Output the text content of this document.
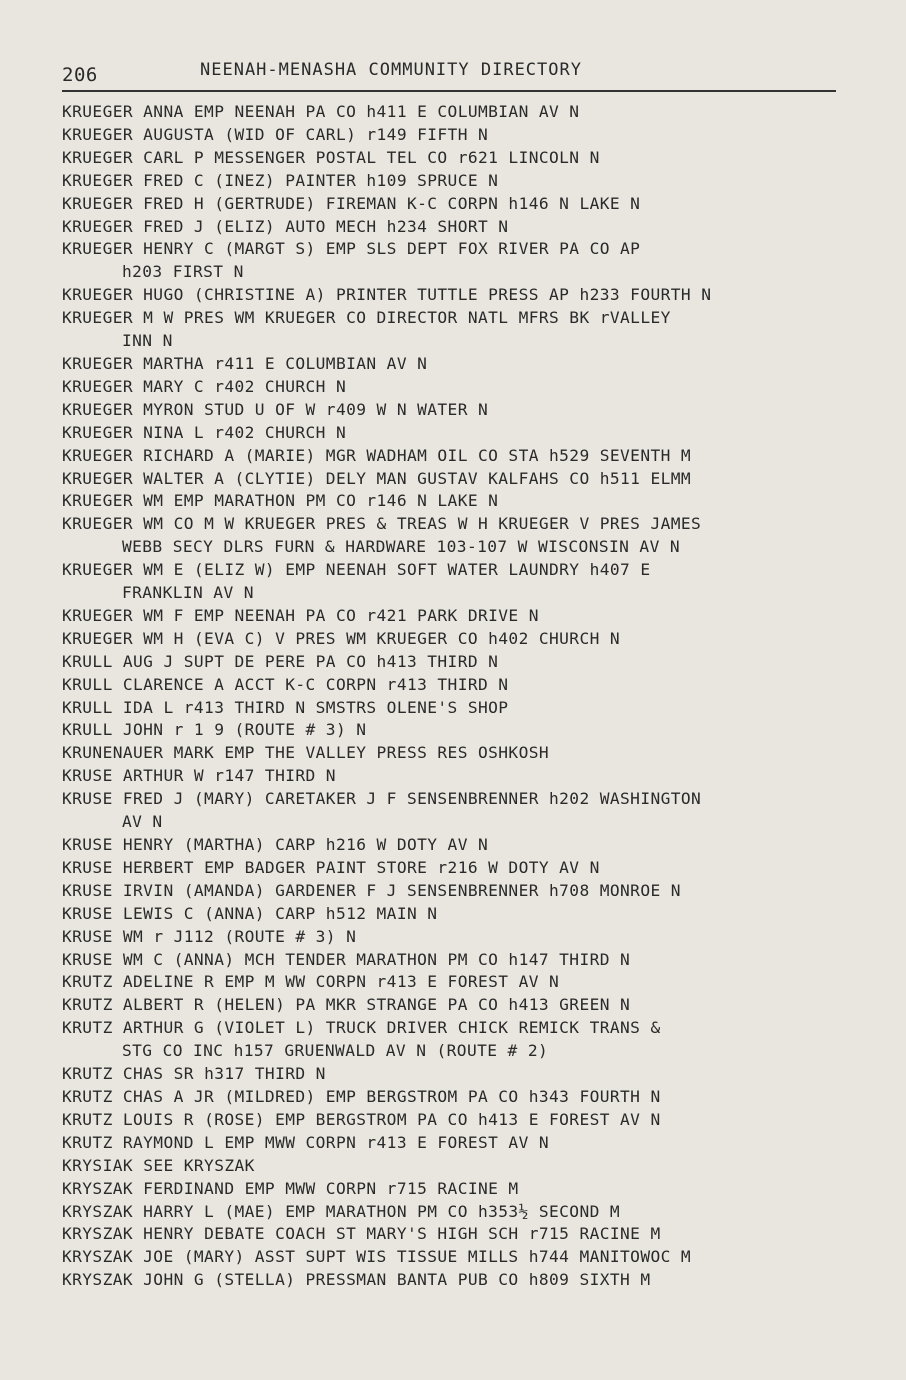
206	NEENAH-MENASHA COMMUNITY DIRECTORY
KRUEGER ANNA EMP NEENAH PA CO h411 E COLUMBIAN AV N
KRUEGER AUGUSTA (WID OF CARL) r149 FIFTH N
KRUEGER CARL P MESSENGER POSTAL TEL CO r621 LINCOLN N
KRUEGER FRED C (INEZ) PAINTER h109 SPRUCE N
KRUEGER FRED H (GERTRUDE) FIREMAN K-C CORPN h146 N LAKE N
KRUEGER FRED J (ELIZ) AUTO MECH h234 SHORT N
KRUEGER HENRY C (MARGT S) EMP SLS DEPT FOX RIVER PA CO AP
h203 FIRST N
KRUEGER HUGO (CHRISTINE A) PRINTER TUTTLE PRESS AP h233 FOURTH N
KRUEGER M W PRES WM KRUEGER CO DIRECTOR NATL MFRS BK rVALLEY
INN N
KRUEGER MARTHA r411 E COLUMBIAN AV N
KRUEGER MARY C r402 CHURCH N
KRUEGER MYRON STUD U OF W r409 W N WATER N
KRUEGER NINA L r402 CHURCH N
KRUEGER RICHARD A (MARIE) MGR WADHAM OIL CO STA h529 SEVENTH M
KRUEGER WALTER A (CLYTIE) DELY MAN GUSTAV KALFAHS CO h511 ELMM
KRUEGER WM EMP MARATHON PM CO r146 N LAKE N
KRUEGER WM CO M W KRUEGER PRES & TREAS W H KRUEGER V PRES JAMES
WEBB SECY DLRS FURN & HARDWARE 103-107 W WISCONSIN AV N
KRUEGER WM E (ELIZ W) EMP NEENAH SOFT WATER LAUNDRY h407 E
FRANKLIN AV N
KRUEGER WM F EMP NEENAH PA CO r421 PARK DRIVE N
KRUEGER WM H (EVA C) V PRES WM KRUEGER CO h402 CHURCH N
KRULL AUG J SUPT DE PERE PA CO h413 THIRD N
KRULL CLARENCE A ACCT K-C CORPN r413 THIRD N
KRULL IDA L r413 THIRD N SMSTRS OLENE'S SHOP
KRULL JOHN r 1 9 (ROUTE # 3) N
KRUNENAUER MARK EMP THE VALLEY PRESS RES OSHKOSH
KRUSE ARTHUR W r147 THIRD N
KRUSE FRED J (MARY) CARETAKER J F SENSENBRENNER h202 WASHINGTON
AV N
KRUSE HENRY (MARTHA) CARP h216 W DOTY AV N
KRUSE HERBERT EMP BADGER PAINT STORE r216 W DOTY AV N
KRUSE IRVIN (AMANDA) GARDENER F J SENSENBRENNER h708 MONROE N
KRUSE LEWIS C (ANNA) CARP h512 MAIN N
KRUSE WM r J112 (ROUTE # 3) N
KRUSE WM C (ANNA) MCH TENDER MARATHON PM CO h147 THIRD N
KRUTZ ADELINE R EMP M WW CORPN r413 E FOREST AV N
KRUTZ ALBERT R (HELEN) PA MKR STRANGE PA CO h413 GREEN N
KRUTZ ARTHUR G (VIOLET L) TRUCK DRIVER CHICK REMICK TRANS &
STG CO INC h157 GRUENWALD AV N (ROUTE # 2)
KRUTZ CHAS SR h317 THIRD N
KRUTZ CHAS A JR (MILDRED) EMP BERGSTROM PA CO h343 FOURTH N
KRUTZ LOUIS R (ROSE) EMP BERGSTROM PA CO h413 E FOREST AV N
KRUTZ RAYMOND L EMP MWW CORPN r413 E FOREST AV N
KRYSIAK SEE KRYSZAK
KRYSZAK FERDINAND EMP MWW CORPN r715 RACINE M
KRYSZAK HARRY L (MAE) EMP MARATHON PM CO h353½ SECOND M
KRYSZAK HENRY DEBATE COACH ST MARY'S HIGH SCH r715 RACINE M
KRYSZAK JOE (MARY) ASST SUPT WIS TISSUE MILLS h744 MANITOWOC M
KRYSZAK JOHN G (STELLA) PRESSMAN BANTA PUB CO h809 SIXTH M
